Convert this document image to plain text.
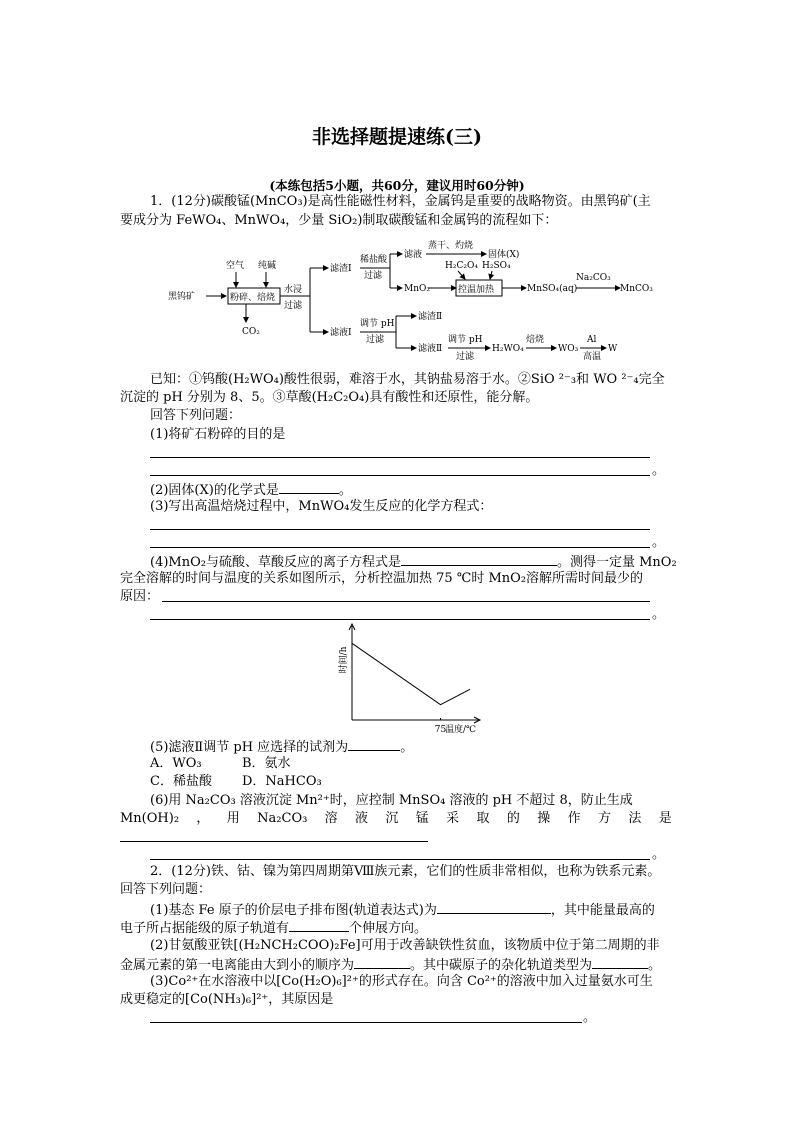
非选择题提速练(三)
(本练包括5小题，共60分，建议用时60分钟)
1．(12分)碳酸锰(MnCO₃)是高性能磁性材料，金属钨是重要的战略物资。由黑钨矿(主
要成分为 FeWO₄、MnWO₄，少量 SiO₂)制取碳酸锰和金属钨的流程如下：
黑钨矿
空气 纯碱
粉碎、焙烧
CO₂
水浸
过滤
滤渣Ⅰ
稀盐酸
过滤
滤液
蒸干、灼烧
固体(X)
MnO₂
H₂C₂O₄ H₂SO₄
控温加热	MnSO₄(aq)
Na₂CO₃
MnCO₃
滤液Ⅰ
调节 pH
过滤
滤渣Ⅱ
滤液Ⅱ
调节 pH
过滤
H₂WO₄
焙烧
WO₃
Al
高温
W
已知：①钨酸(H₂WO₄)酸性很弱，难溶于水，其钠盐易溶于水。②SiO ²⁻₃和 WO ²⁻₄完全
沉淀的 pH 分别为 8、5。③草酸(H₂C₂O₄)具有酸性和还原性，能分解。
回答下列问题：
(1)将矿石粉碎的目的是
。
(2)固体(X)的化学式是	。
(3)写出高温焙烧过程中，MnWO₄发生反应的化学方程式：
。
(4)MnO₂与硫酸、草酸反应的离子方程式是	。测得一定量 MnO₂
完全溶解的时间与温度的关系如图所示，分析控温加热 75 ℃时 MnO₂溶解所需时间最少的
原因：
。
时间/h
温度/℃
75
(5)滤液Ⅱ调节 pH 应选择的试剂为	。
A．WO₃	B．氨水
C．稀盐酸 D．NaHCO₃
(6)用 Na₂CO₃ 溶液沉淀 Mn²⁺时，应控制 MnSO₄ 溶液的 pH 不超过 8，防止生成
Mn(OH)₂ ， 用 Na₂CO₃ 溶 液 沉 锰 采 取 的 操 作 方 法 是
。
2．(12分)铁、钴、镍为第四周期第Ⅷ族元素，它们的性质非常相似，也称为铁系元素。
回答下列问题：
(1)基态 Fe 原子的价层电子排布图(轨道表达式)为	，其中能量最高的
电子所占据能级的原子轨道有	个伸展方向。
(2)甘氨酸亚铁[(H₂NCH₂COO)₂Fe]可用于改善缺铁性贫血，该物质中位于第二周期的非
金属元素的第一电离能由大到小的顺序为	。其中碳原子的杂化轨道类型为	。
(3)Co²⁺在水溶液中以[Co(H₂O)₆]²⁺的形式存在。向含 Co²⁺的溶液中加入过量氨水可生
成更稳定的[Co(NH₃)₆]²⁺，其原因是
。
